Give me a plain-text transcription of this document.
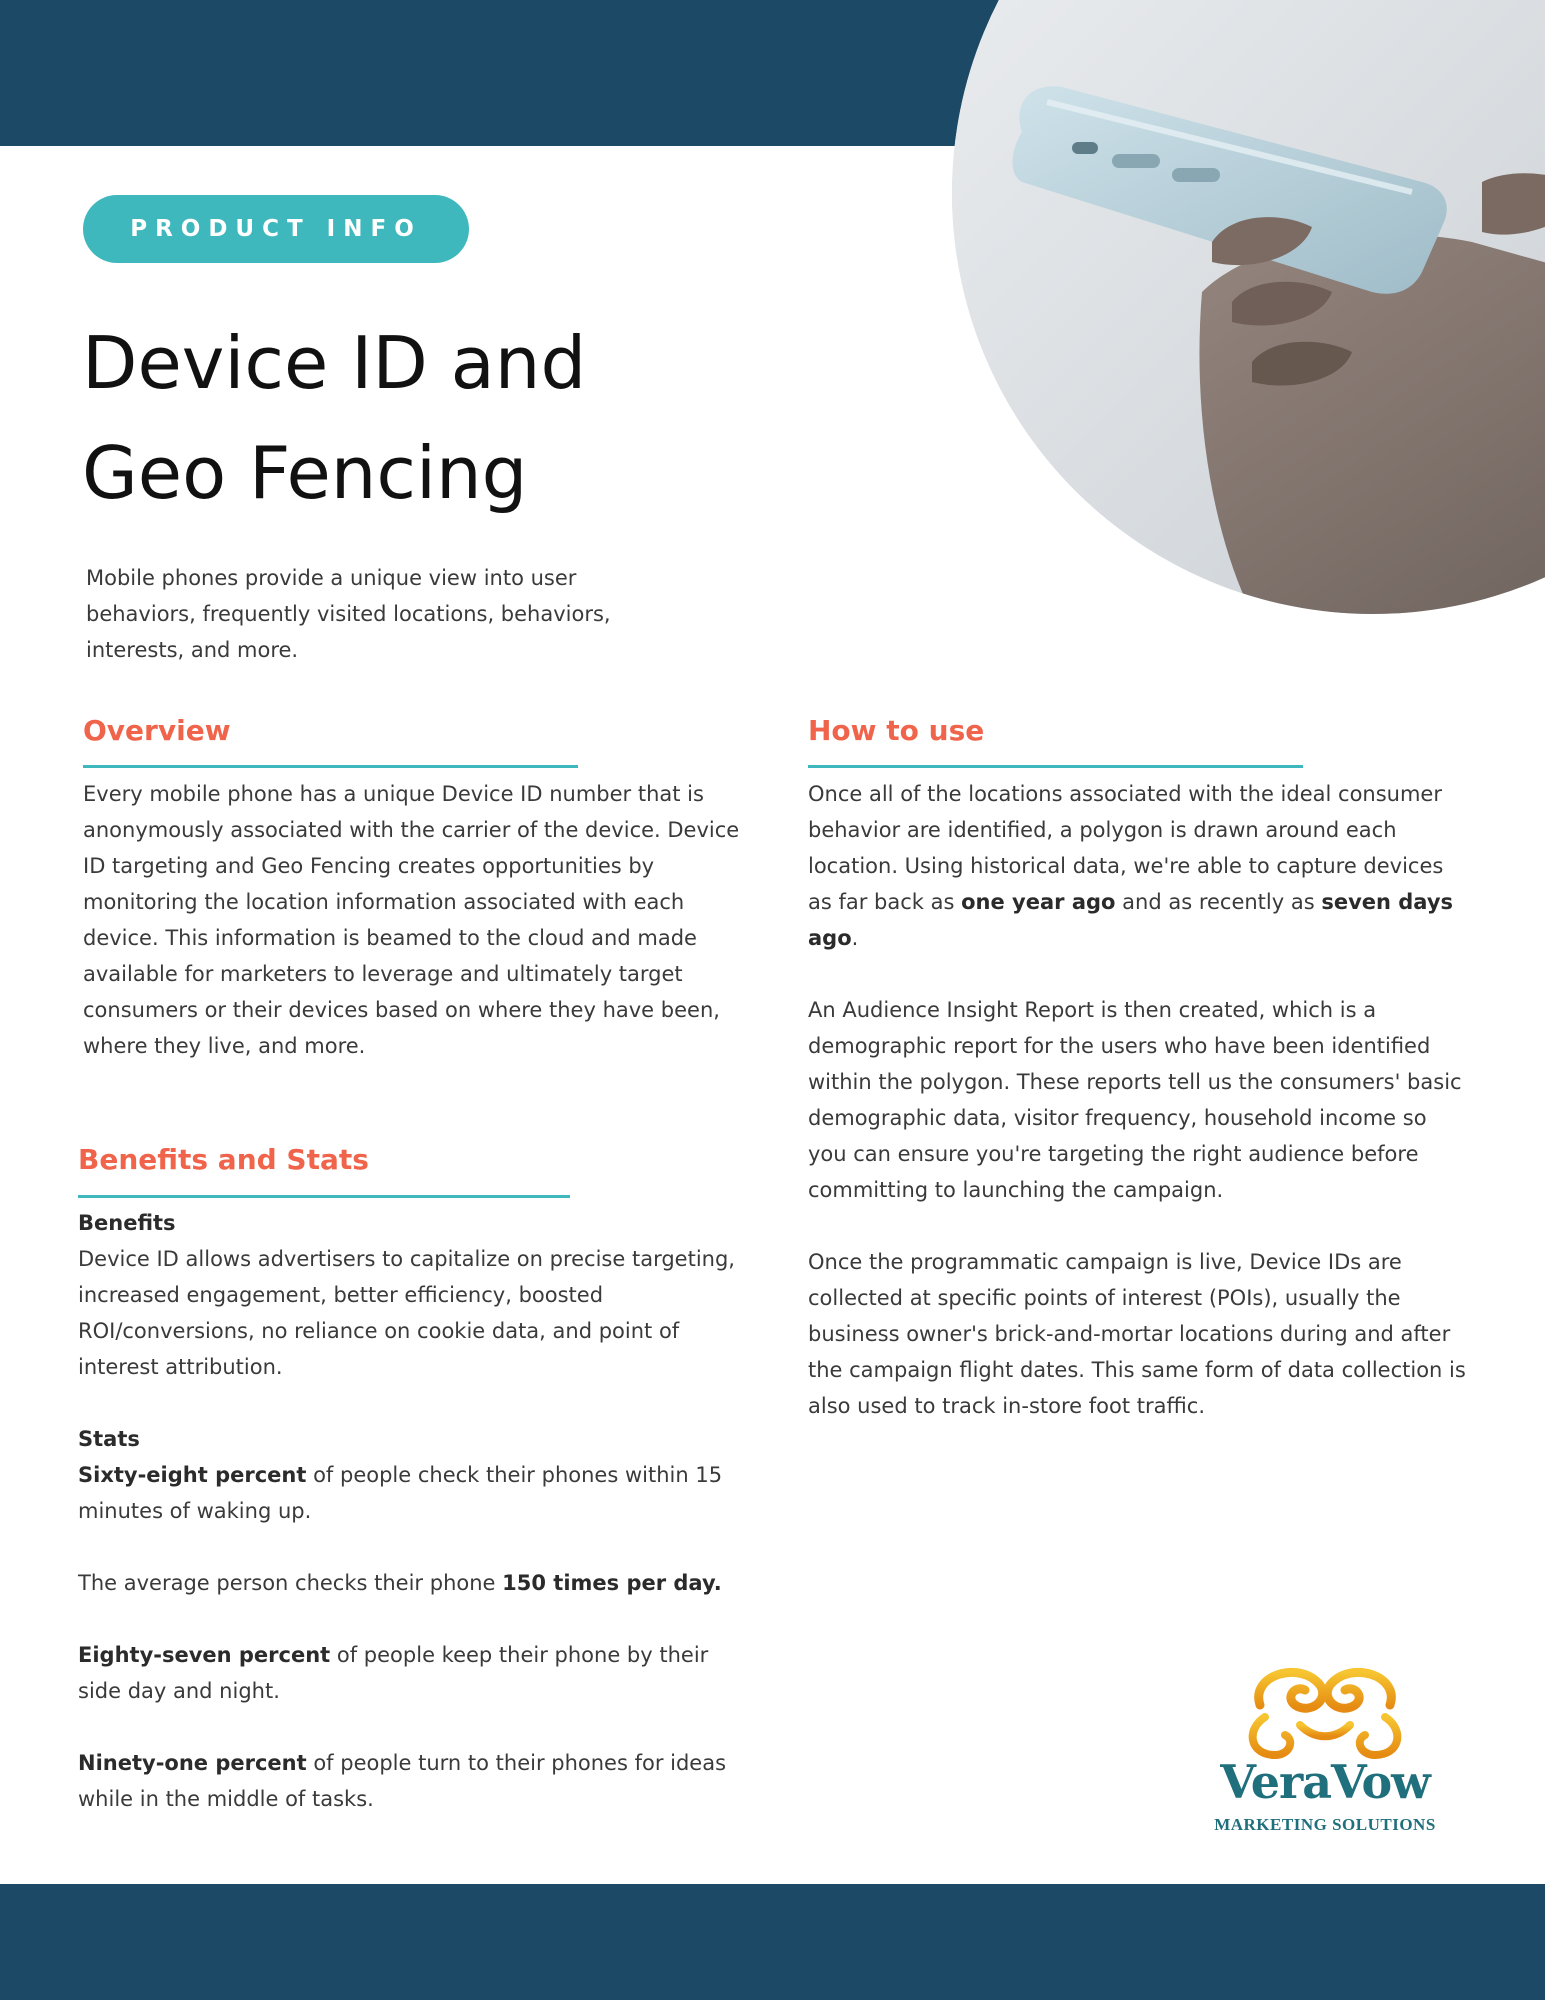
PRODUCT INFO
Device ID and
Geo Fencing
Mobile phones provide a unique view into user behaviors, frequently visited locations, behaviors, interests, and more.
Overview
Every mobile phone has a unique Device ID number that is anonymously associated with the carrier of the device. Device ID targeting and Geo Fencing creates opportunities by monitoring the location information associated with each device. This information is beamed to the cloud and made available for marketers to leverage and ultimately target consumers or their devices based on where they have been, where they live, and more.
Benefits and Stats

Benefits

Device ID allows advertisers to capitalize on precise targeting, increased engagement, better efficiency, boosted ROI/conversions, no reliance on cookie data, and point of interest attribution.

Stats

Sixty-eight percent of people check their phones within 15 minutes of waking up.

The average person checks their phone 150 times per day.

Eighty-seven percent of people keep their phone by their side day and night.

Ninety-one percent of people turn to their phones for ideas while in the middle of tasks.

How to use

Once all of the locations associated with the ideal consumer behavior are identified, a polygon is drawn around each location. Using historical data, we're able to capture devices as far back as one year ago and as recently as seven days ago.

An Audience Insight Report is then created, which is a demographic report for the users who have been identified within the polygon. These reports tell us the consumers' basic demographic data, visitor frequency, household income so you can ensure you're targeting the right audience before committing to launching the campaign.

Once the programmatic campaign is live, Device IDs are collected at specific points of interest (POIs), usually the business owner's brick-and-mortar locations during and after the campaign flight dates. This same form of data collection is also used to track in-store foot traffic.

VeraVow
MARKETING SOLUTIONS
